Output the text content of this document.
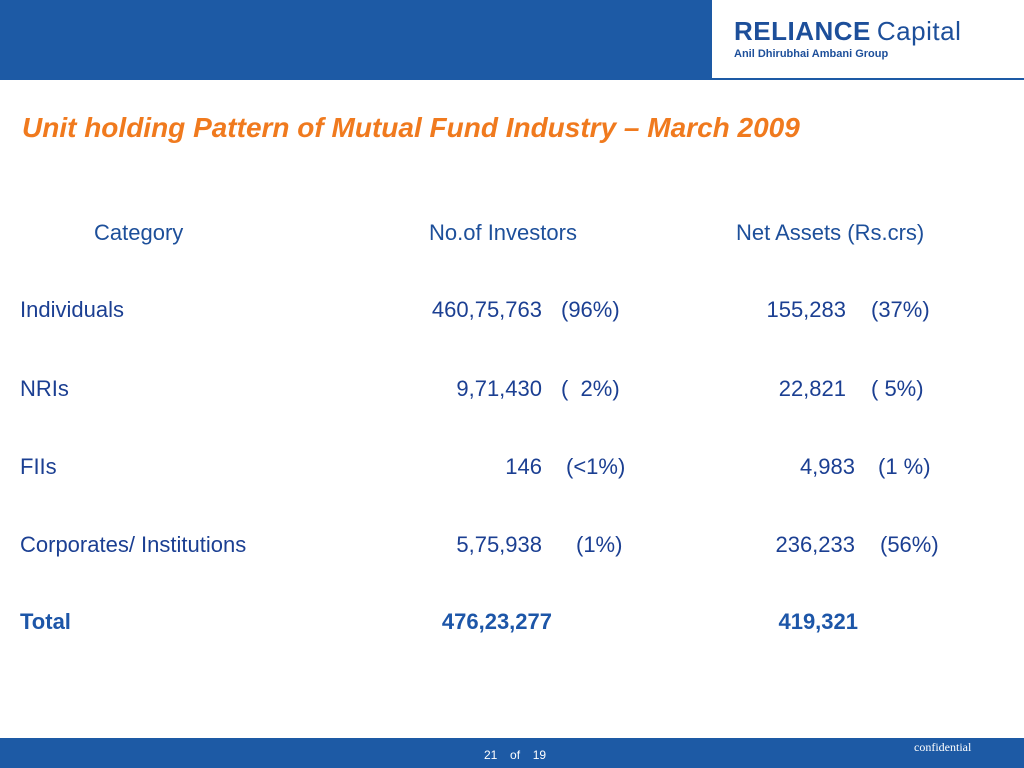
RELIANCE Capital
Anil Dhirubhai Ambani Group
Unit holding Pattern of Mutual Fund Industry – March 2009
Category	No.of Investors	Net Assets (Rs.crs)
Individuals	460,75,763 (96%)	155,283 (37%)
NRIs	9,71,430 (  2%)	22,821 ( 5%)
FIIs	146 (<1%)	4,983 (1 %)
Corporates/ Institutions	5,75,938 (1%)	236,233 (56%)
Total	476,23,277	419,321
21  of  19
confidential
